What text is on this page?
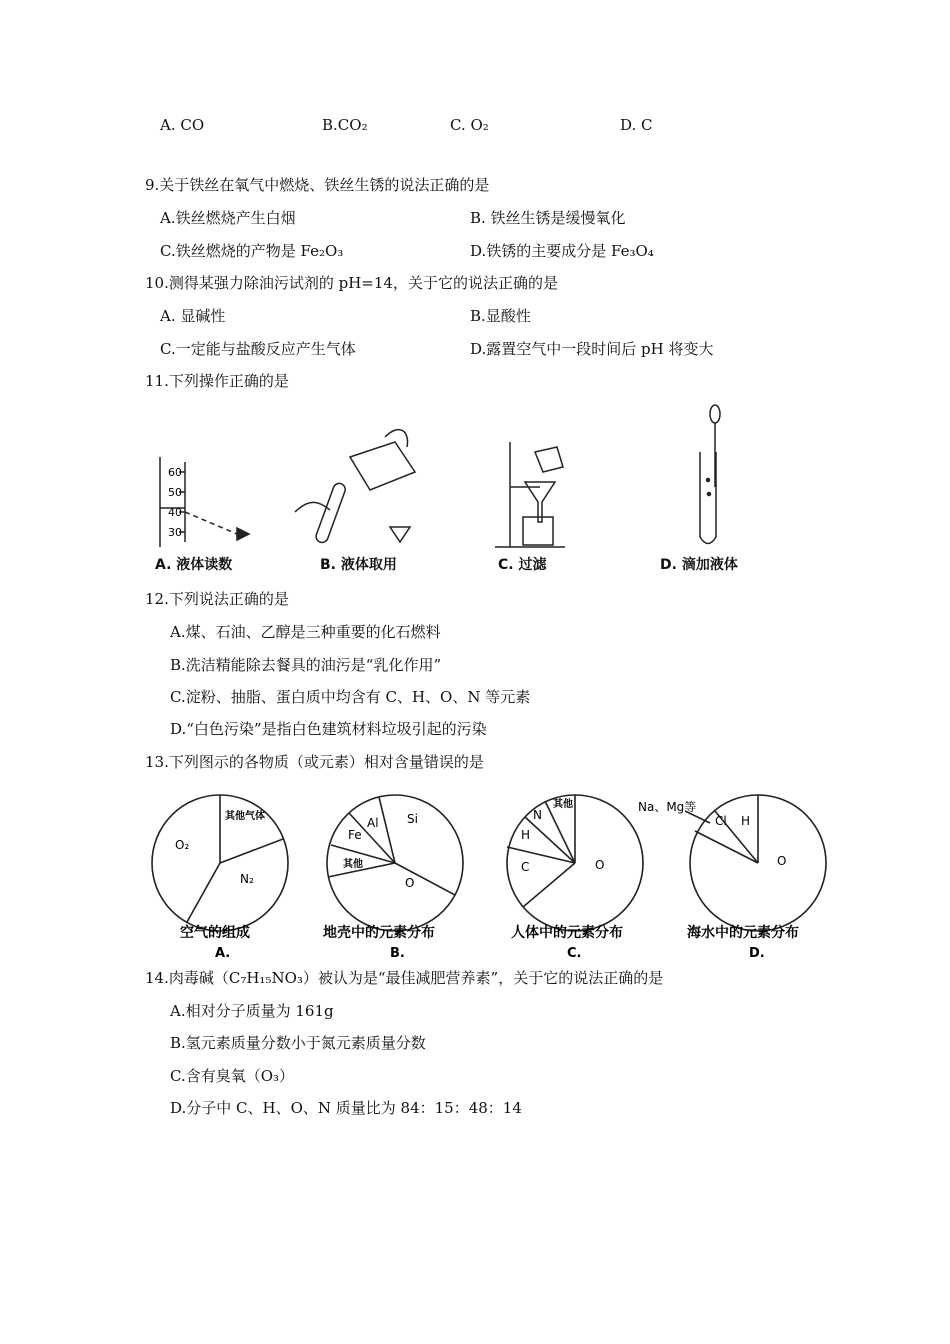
A. CO	B.CO₂	C. O₂	D. C
9.关于铁丝在氧气中燃烧、铁丝生锈的说法正确的是
A.铁丝燃烧产生白烟	B. 铁丝生锈是缓慢氧化
C.铁丝燃烧的产物是 Fe₂O₃	D.铁锈的主要成分是 Fe₃O₄
10.测得某强力除油污试剂的 pH=14，关于它的说法正确的是
A. 显碱性	B.显酸性
C.一定能与盐酸反应产生气体	D.露置空气中一段时间后 pH 将变大
11.下列操作正确的是
60
50
40
30
A. 液体读数	B. 液体取用	C. 过滤	D. 滴加液体
12.下列说法正确的是
A.煤、石油、乙醇是三种重要的化石燃料
B.洗洁精能除去餐具的油污是“乳化作用”
C.淀粉、抽脂、蛋白质中均含有 C、H、O、N 等元素
D.“白色污染”是指白色建筑材料垃圾引起的污染
13.下列图示的各物质（或元素）相对含量错误的是
O₂
其他气体
N₂
Al Si
Fe
其他
O
N
其他
H
C	O
Na、Mg等
Cl H
O
空气的组成	地壳中的元素分布	人体中的元素分布	海水中的元素分布
A.	B.	C.	D.
14.肉毒碱（C₇H₁₅NO₃）被认为是“最佳减肥营养素”，关于它的说法正确的是
A.相对分子质量为 161g
B.氢元素质量分数小于氮元素质量分数
C.含有臭氧（O₃）
D.分子中 C、H、O、N 质量比为 84：15：48：14
